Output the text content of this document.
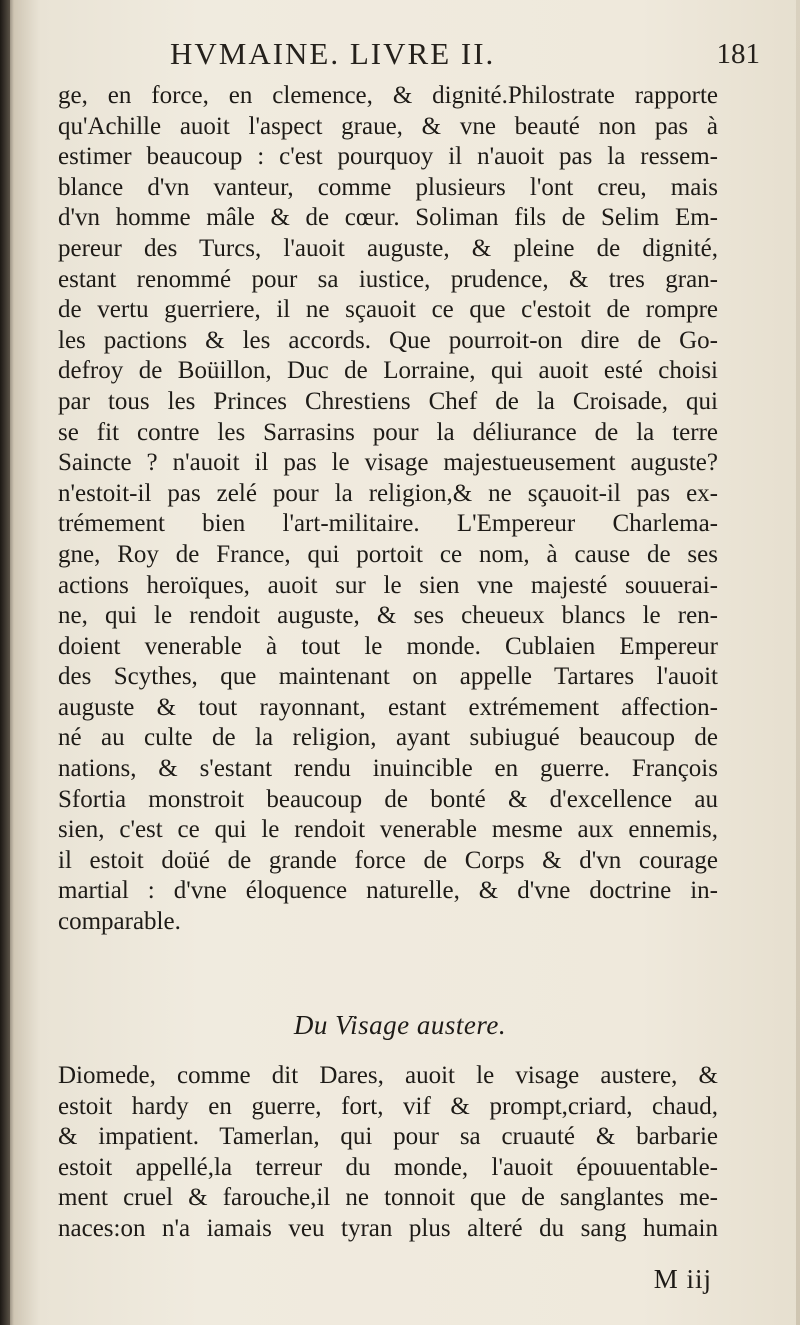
HVMAINE. LIVRE II.	181
ge, en force, en clemence, & dignité.Philostrate rapporte
qu'Achille auoit l'aspect graue, & vne beauté non pas à
estimer beaucoup : c'est pourquoy il n'auoit pas la ressem-
blance d'vn vanteur, comme plusieurs l'ont creu, mais
d'vn homme mâle & de cœur. Soliman fils de Selim Em-
pereur des Turcs, l'auoit auguste, & pleine de dignité,
estant renommé pour sa iustice, prudence, & tres gran-
de vertu guerriere, il ne sçauoit ce que c'estoit de rompre
les pactions & les accords. Que pourroit-on dire de Go-
defroy de Boüillon, Duc de Lorraine, qui auoit esté choisi
par tous les Princes Chrestiens Chef de la Croisade, qui
se fit contre les Sarrasins pour la déliurance de la terre
Saincte ? n'auoit il pas le visage majestueusement auguste?
n'estoit-il pas zelé pour la religion,& ne sçauoit-il pas ex-
trémement bien l'art-militaire. L'Empereur Charlema-
gne, Roy de France, qui portoit ce nom, à cause de ses
actions heroïques, auoit sur le sien vne majesté souuerai-
ne, qui le rendoit auguste, & ses cheueux blancs le ren-
doient venerable à tout le monde. Cublaien Empereur
des Scythes, que maintenant on appelle Tartares l'auoit
auguste & tout rayonnant, estant extrémement affection-
né au culte de la religion, ayant subiugué beaucoup de
nations, & s'estant rendu inuincible en guerre. François
Sfortia monstroit beaucoup de bonté & d'excellence au
sien, c'est ce qui le rendoit venerable mesme aux ennemis,
il estoit doüé de grande force de Corps & d'vn courage
martial : d'vne éloquence naturelle, & d'vne doctrine in-
comparable.
Du Visage austere.
Diomede, comme dit Dares, auoit le visage austere, &
estoit hardy en guerre, fort, vif & prompt,criard, chaud,
& impatient. Tamerlan, qui pour sa cruauté & barbarie
estoit appellé,la terreur du monde, l'auoit épouuentable-
ment cruel & farouche,il ne tonnoit que de sanglantes me-
naces:on n'a iamais veu tyran plus alteré du sang humain
M iij
